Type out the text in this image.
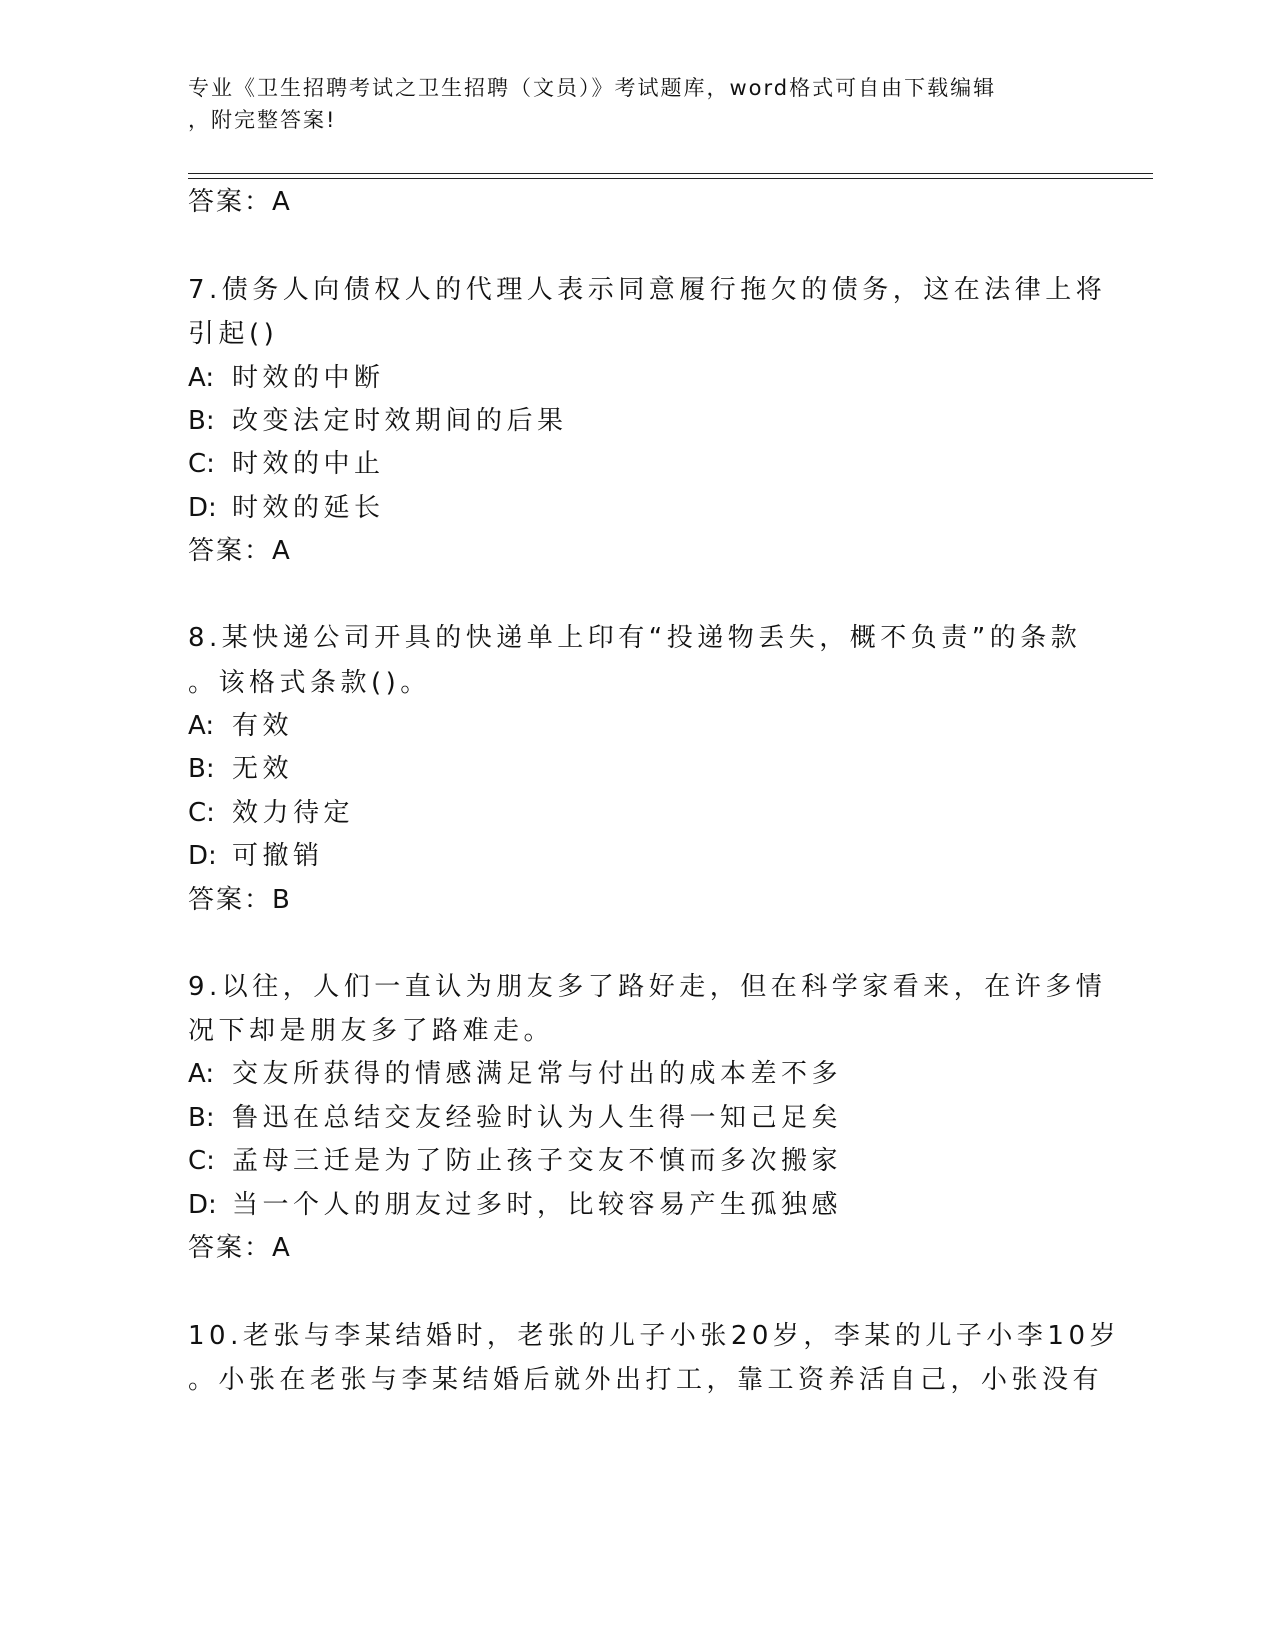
专业《卫生招聘考试之卫生招聘（文员）》考试题库，word格式可自由下载编辑
，附完整答案!
答案：A
7.债务人向债权人的代理人表示同意履行拖欠的债务，这在法律上将
引起()
A: 时效的中断
B: 改变法定时效期间的后果
C: 时效的中止
D: 时效的延长
答案：A
8.某快递公司开具的快递单上印有“投递物丢失，概不负责”的条款
。该格式条款()。
A: 有效
B: 无效
C: 效力待定
D: 可撤销
答案：B
9.以往，人们一直认为朋友多了路好走，但在科学家看来，在许多情
况下却是朋友多了路难走。
A: 交友所获得的情感满足常与付出的成本差不多
B: 鲁迅在总结交友经验时认为人生得一知己足矣
C: 孟母三迁是为了防止孩子交友不慎而多次搬家
D: 当一个人的朋友过多时，比较容易产生孤独感
答案：A
10.老张与李某结婚时，老张的儿子小张20岁，李某的儿子小李10岁
。小张在老张与李某结婚后就外出打工，靠工资养活自己，小张没有
